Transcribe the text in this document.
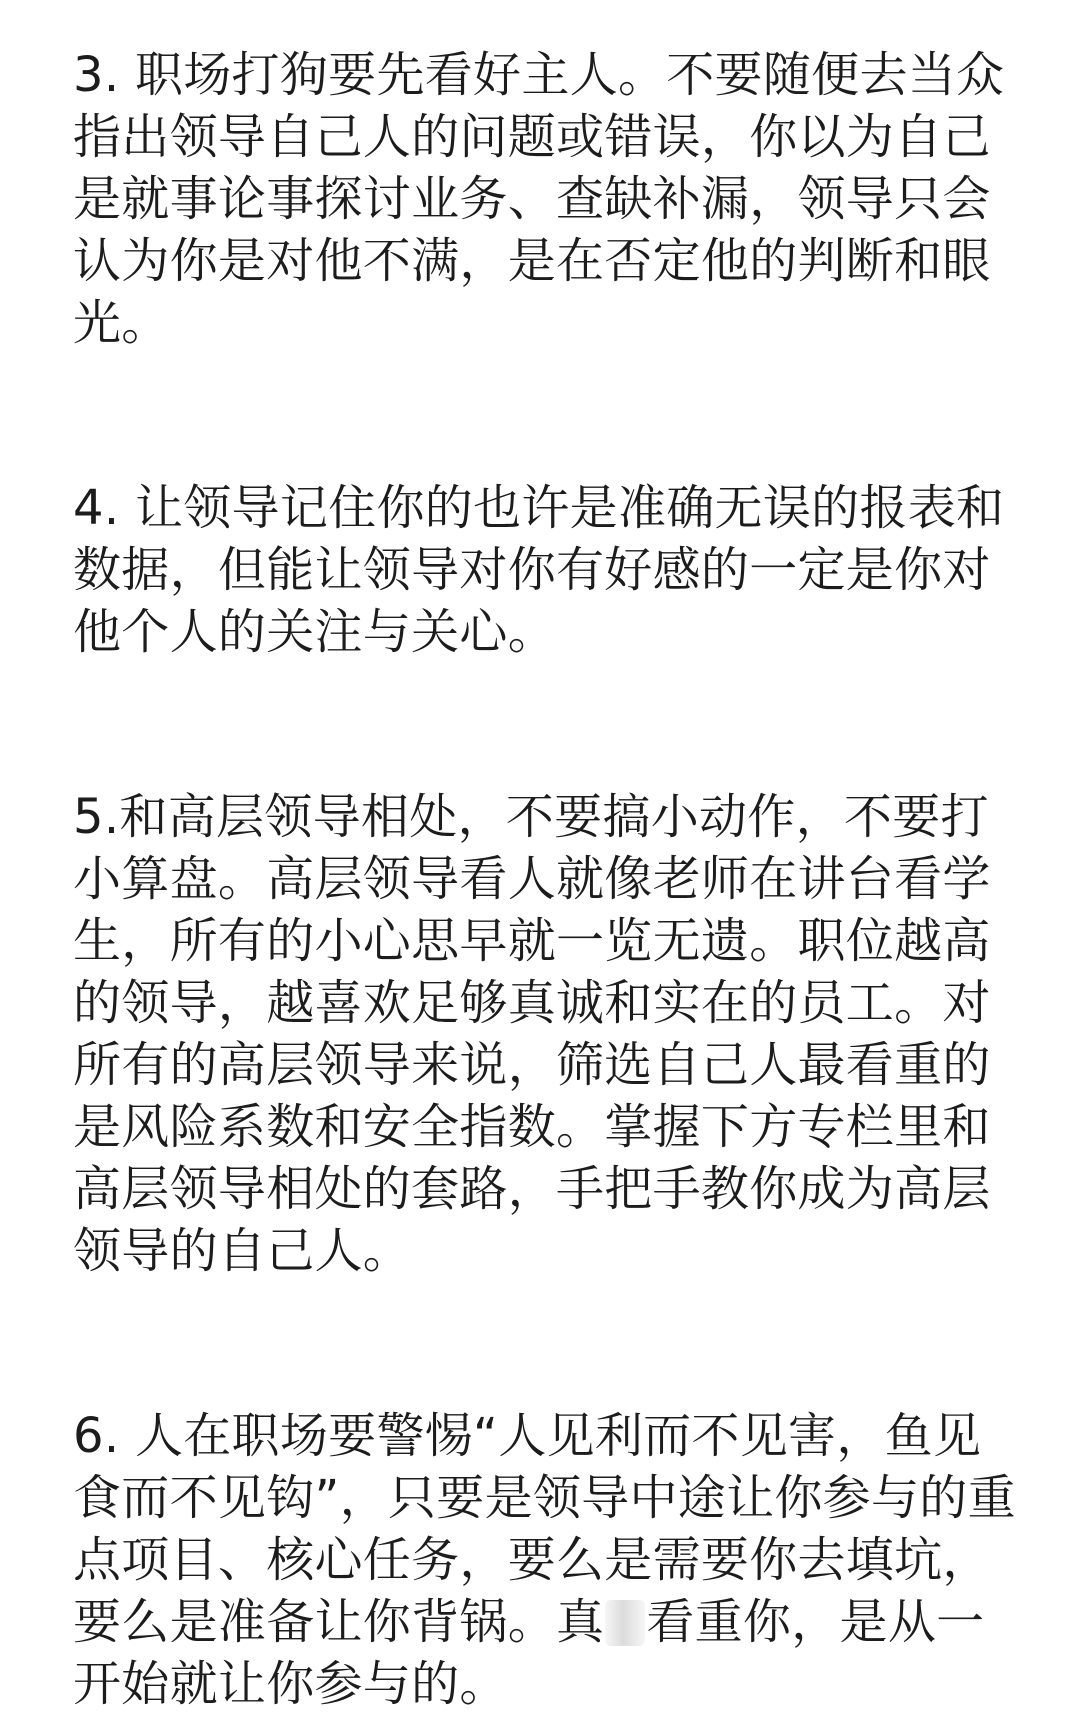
3. 职场打狗要先看好主人。不要随便去当众
指出领导自己人的问题或错误，你以为自己
是就事论事探讨业务、查缺补漏，领导只会
认为你是对他不满，是在否定他的判断和眼
光。

4. 让领导记住你的也许是准确无误的报表和
数据，但能让领导对你有好感的一定是你对
他个人的关注与关心。

5.和高层领导相处，不要搞小动作，不要打
小算盘。高层领导看人就像老师在讲台看学
生，所有的小心思早就一览无遗。职位越高
的领导，越喜欢足够真诚和实在的员工。对
所有的高层领导来说，筛选自己人最看重的
是风险系数和安全指数。掌握下方专栏里和
高层领导相处的套路，手把手教你成为高层
领导的自己人。

6. 人在职场要警惕“人见利而不见害，鱼见
食而不见钩”，只要是领导中途让你参与的重
点项目、核心任务，要么是需要你去填坑，
要么是准备让你背锅。真 看重你，是从一
开始就让你参与的。
